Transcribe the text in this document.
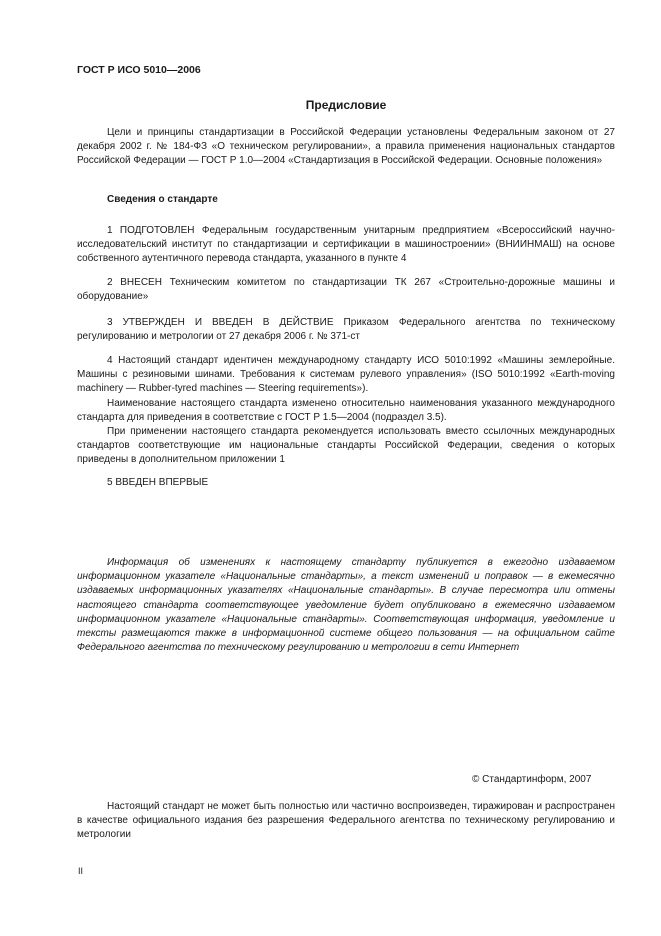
ГОСТ Р ИСО 5010—2006
Предисловие

Цели и принципы стандартизации в Российской Федерации установлены Федеральным законом от 27 декабря 2002 г. № 184-ФЗ «О техническом регулировании», а правила применения национальных стандартов Российской Федерации — ГОСТ Р 1.0—2004 «Стандартизация в Российской Федерации. Основные положения»

Сведения о стандарте

1 ПОДГОТОВЛЕН Федеральным государственным унитарным предприятием «Всероссийский научно-исследовательский институт по стандартизации и сертификации в машиностроении» (ВНИИНМАШ) на основе собственного аутентичного перевода стандарта, указанного в пункте 4

2 ВНЕСЕН Техническим комитетом по стандартизации ТК 267 «Строительно-дорожные машины и оборудование»

3 УТВЕРЖДЕН И ВВЕДЕН В ДЕЙСТВИЕ Приказом Федерального агентства по техническому регулированию и метрологии от 27 декабря 2006 г. № 371-ст

4 Настоящий стандарт идентичен международному стандарту ИСО 5010:1992 «Машины землеройные. Машины с резиновыми шинами. Требования к системам рулевого управления» (ISO 5010:1992 «Earth-moving machinery — Rubber-tyred machines — Steering requirements»).

Наименование настоящего стандарта изменено относительно наименования указанного международного стандарта для приведения в соответствие с ГОСТ Р 1.5—2004 (подраздел 3.5).

При применении настоящего стандарта рекомендуется использовать вместо ссылочных международных стандартов соответствующие им национальные стандарты Российской Федерации, сведения о которых приведены в дополнительном приложении 1

5 ВВЕДЕН ВПЕРВЫЕ

Информация об изменениях к настоящему стандарту публикуется в ежегодно издаваемом информационном указателе «Национальные стандарты», а текст изменений и поправок — в ежемесячно издаваемых информационных указателях «Национальные стандарты». В случае пересмотра или отмены настоящего стандарта соответствующее уведомление будет опубликовано в ежемесячно издаваемом информационном указателе «Национальные стандарты». Соответствующая информация, уведомление и тексты размещаются также в информационной системе общего пользования — на официальном сайте Федерального агентства по техническому регулированию и метрологии в сети Интернет

© Стандартинформ, 2007

Настоящий стандарт не может быть полностью или частично воспроизведен, тиражирован и распространен в качестве официального издания без разрешения Федерального агентства по техническому регулированию и метрологии

II
